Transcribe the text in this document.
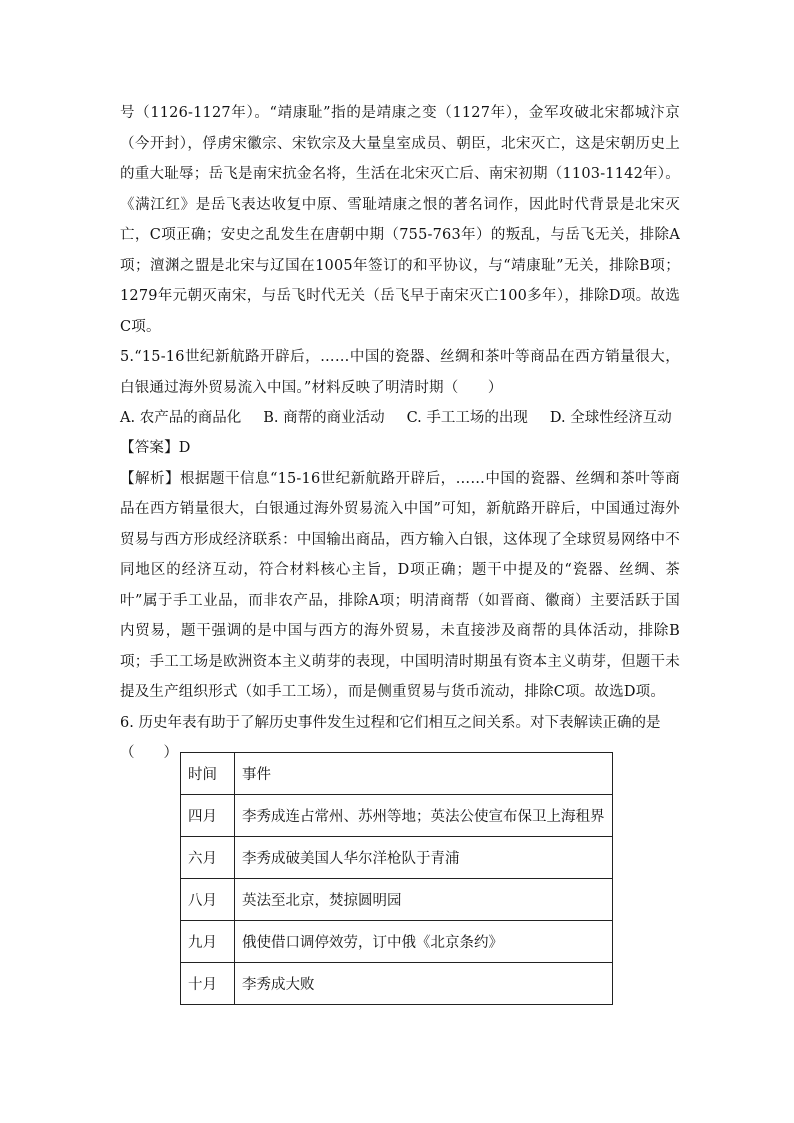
号（1126-1127年）。“靖康耻”指的是靖康之变（1127年），金军攻破北宋都城汴京（今开封），俘虏宋徽宗、宋钦宗及大量皇室成员、朝臣，北宋灭亡，这是宋朝历史上的重大耻辱；岳飞是南宋抗金名将，生活在北宋灭亡后、南宋初期（1103-1142年）。《满江红》是岳飞表达收复中原、雪耻靖康之恨的著名词作，因此时代背景是北宋灭亡，C项正确；安史之乱发生在唐朝中期（755-763年）的叛乱，与岳飞无关，排除A项；澶渊之盟是北宋与辽国在1005年签订的和平协议，与“靖康耻”无关，排除B项；1279年元朝灭南宋，与岳飞时代无关（岳飞早于南宋灭亡100多年），排除D项。故选C项。

5.“15-16世纪新航路开辟后，……中国的瓷器、丝绸和茶叶等商品在西方销量很大，白银通过海外贸易流入中国。”材料反映了明清时期（　　）

A. 农产品的商品化 B. 商帮的商业活动 C. 手工工场的出现 D. 全球性经济互动

【答案】D

【解析】根据题干信息“15-16世纪新航路开辟后，……中国的瓷器、丝绸和茶叶等商品在西方销量很大，白银通过海外贸易流入中国”可知，新航路开辟后，中国通过海外贸易与西方形成经济联系：中国输出商品，西方输入白银，这体现了全球贸易网络中不同地区的经济互动，符合材料核心主旨，D项正确；题干中提及的“瓷器、丝绸、茶叶”属于手工业品，而非农产品，排除A项；明清商帮（如晋商、徽商）主要活跃于国内贸易，题干强调的是中国与西方的海外贸易，未直接涉及商帮的具体活动，排除B项；手工工场是欧洲资本主义萌芽的表现，中国明清时期虽有资本主义萌芽，但题干未提及生产组织形式（如手工工场），而是侧重贸易与货币流动，排除C项。故选D项。

6. 历史年表有助于了解历史事件发生过程和它们相互之间关系。对下表解读正确的是（　　）

时间	事件
四月	李秀成连占常州、苏州等地；英法公使宣布保卫上海租界
六月	李秀成破美国人华尔洋枪队于青浦
八月	英法至北京，焚掠圆明园
九月	俄使借口调停效劳，订中俄《北京条约》
十月	李秀成大败
